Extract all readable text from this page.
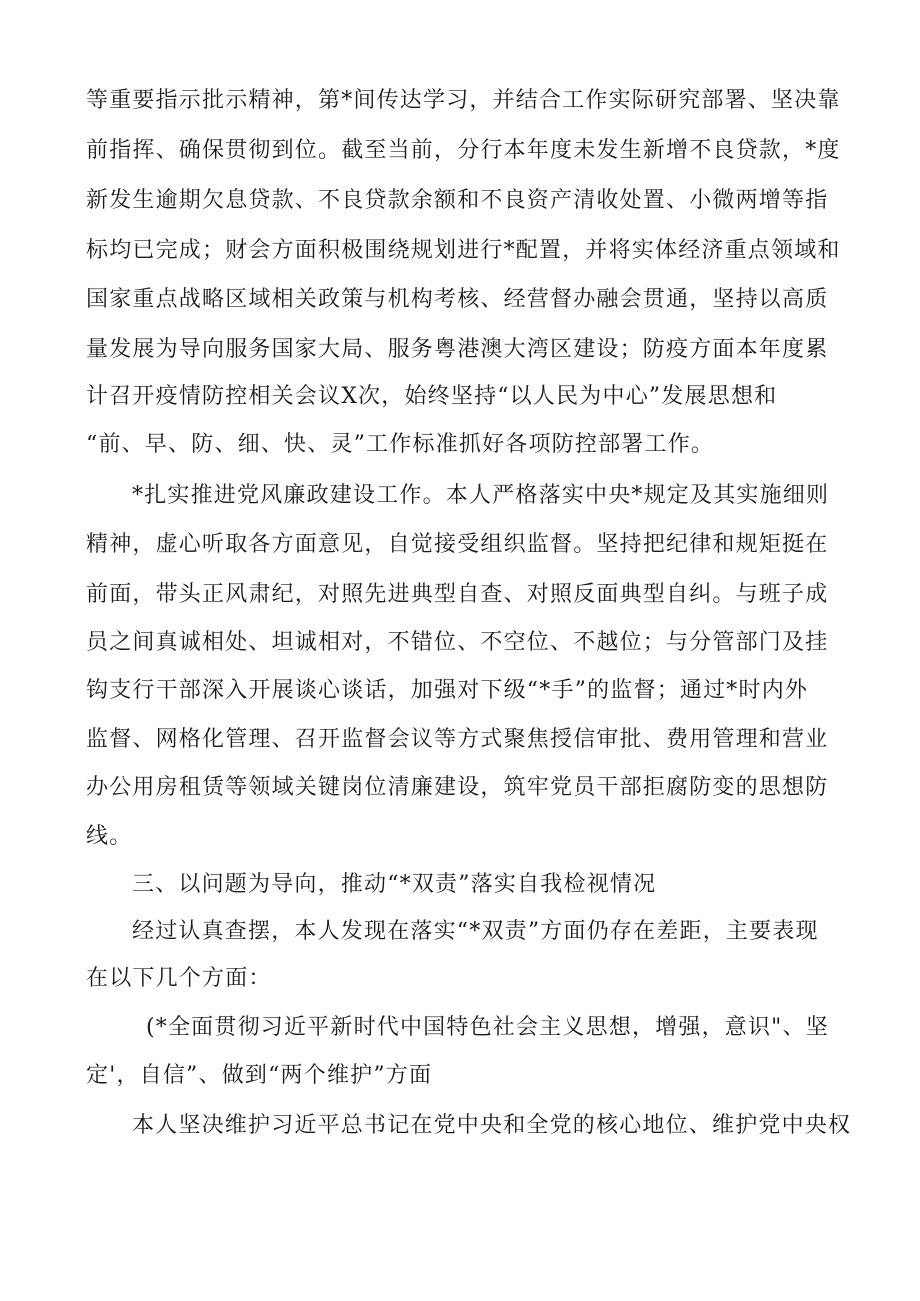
等重要指示批示精神，第*间传达学习，并结合工作实际研究部署、坚决靠
前指挥、确保贯彻到位。截至当前，分行本年度未发生新增不良贷款，*度
新发生逾期欠息贷款、不良贷款余额和不良资产清收处置、小微两增等指
标均已完成；财会方面积极围绕规划进行*配置，并将实体经济重点领域和
国家重点战略区域相关政策与机构考核、经营督办融会贯通，坚持以高质
量发展为导向服务国家大局、服务粤港澳大湾区建设；防疫方面本年度累
计召开疫情防控相关会议X次，始终坚持“以人民为中心”发展思想和
“前、早、防、细、快、灵”工作标准抓好各项防控部署工作。
*扎实推进党风廉政建设工作。本人严格落实中央*规定及其实施细则
精神，虚心听取各方面意见，自觉接受组织监督。坚持把纪律和规矩挺在
前面，带头正风肃纪，对照先进典型自查、对照反面典型自纠。与班子成
员之间真诚相处、坦诚相对，不错位、不空位、不越位；与分管部门及挂
钩支行干部深入开展谈心谈话，加强对下级“*手”的监督；通过*时内外
监督、网格化管理、召开监督会议等方式聚焦授信审批、费用管理和营业
办公用房租赁等领域关键岗位清廉建设，筑牢党员干部拒腐防变的思想防
线。
三、以问题为导向，推动“*双责”落实自我检视情况
经过认真查摆，本人发现在落实“*双责”方面仍存在差距，主要表现
在以下几个方面：
(*全面贯彻习近平新时代中国特色社会主义思想，增强，意识"、坚
定'，自信”、做到“两个维护”方面
本人坚决维护习近平总书记在党中央和全党的核心地位、维护党中央权
